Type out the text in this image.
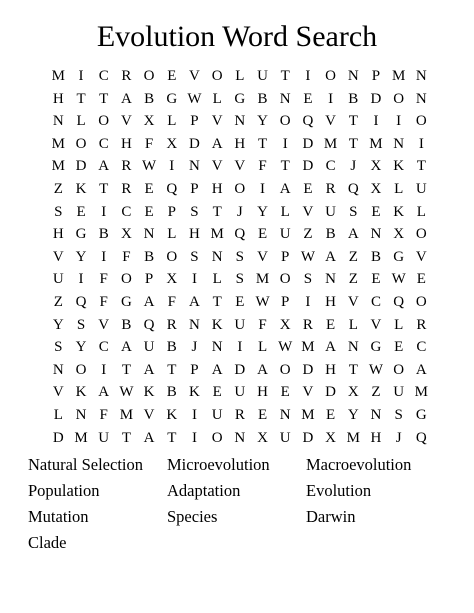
Evolution Word Search
M I	C R O E V O L U T	I O N P M N
H T T A B G W L G B N E	I	B D O N
N L O V X L P V N Y O Q V T	I	I O
M O C H F X D A H T	I D M T M N I
M D A R W I N V V F T D C J X K T
Z K T R E Q P H O I A E R Q X L U
S E	I	C E P S T	J Y L V U S E K L
H G B X N L H M Q E U Z B A N X O
V Y I	F B O S N S V P W A Z B G V
U I	F O P X I	L S M O S N Z E W E
Z Q F G A F A T E W P	I H V C Q O
Y S V B Q R N K U F X R E L V L R
S Y C A U B J N I	L W M A N G E C
N O I	T A T P A D A O D H T W O A
V K A W K B K E U H E V D X Z U M
L N F M V K I U R E N M E Y N S G
D M U T A T	I O N X U D X M H J Q
Natural Selection	Microevolution	Macroevolution
Population	Adaptation	Evolution
Mutation	Species	Darwin
Clade
